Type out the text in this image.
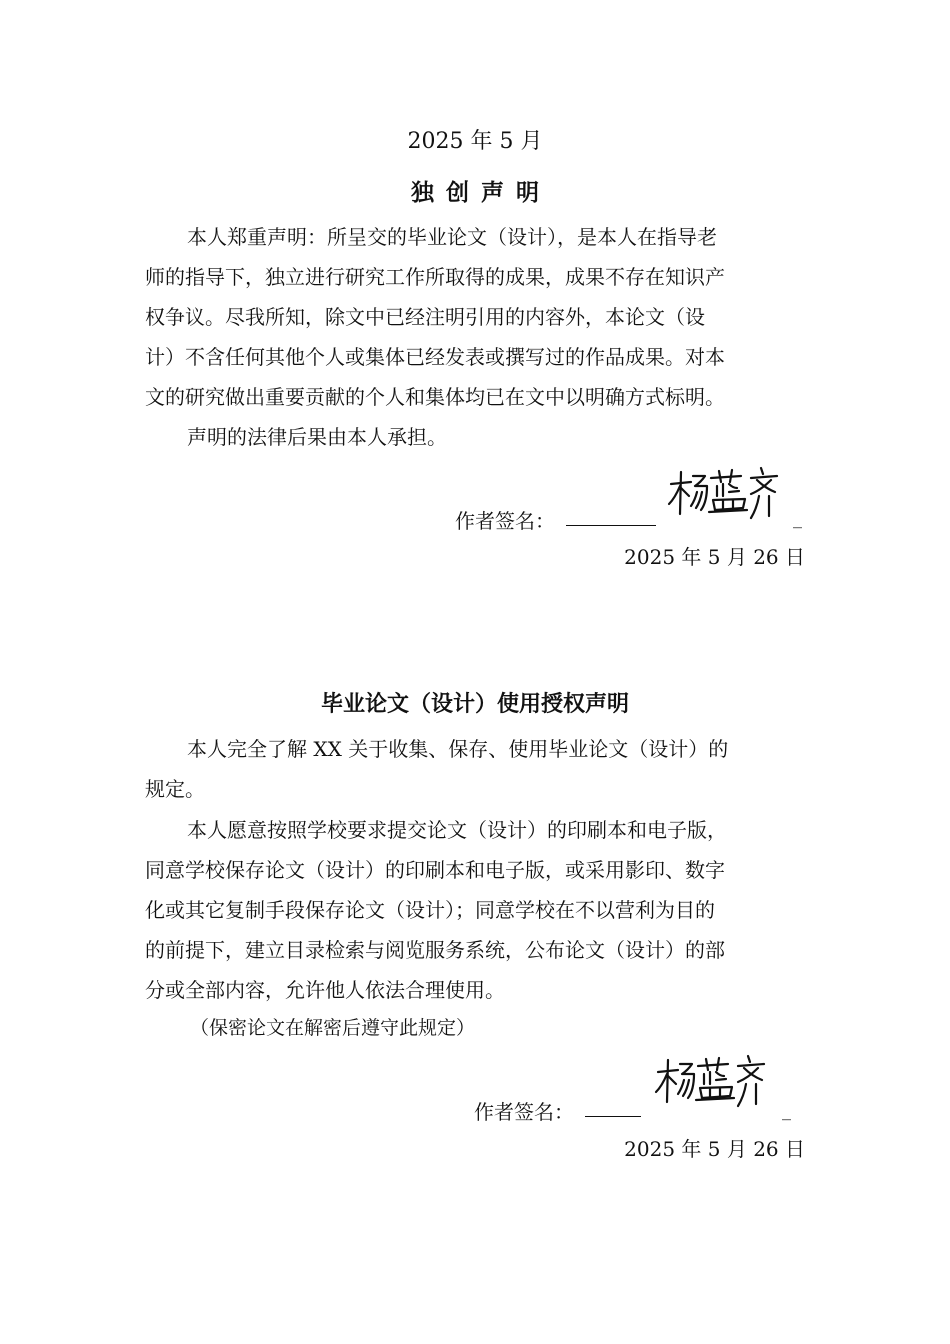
2025 年 5 月
独创声明
本人郑重声明：所呈交的毕业论文（设计），是本人在指导老
师的指导下，独立进行研究工作所取得的成果，成果不存在知识产
权争议。尽我所知，除文中已经注明引用的内容外，本论文（设
计）不含任何其他个人或集体已经发表或撰写过的作品成果。对本
文的研究做出重要贡献的个人和集体均已在文中以明确方式标明。
声明的法律后果由本人承担。
作者签名：	_
2025 年 5 月 26 日
毕业论文（设计）使用授权声明
本人完全了解 XX 关于收集、保存、使用毕业论文（设计）的
规定。
本人愿意按照学校要求提交论文（设计）的印刷本和电子版，
同意学校保存论文（设计）的印刷本和电子版，或采用影印、数字
化或其它复制手段保存论文（设计）；同意学校在不以营利为目的
的前提下，建立目录检索与阅览服务系统，公布论文（设计）的部
分或全部内容，允许他人依法合理使用。
（保密论文在解密后遵守此规定）
作者签名：	_
2025 年 5 月 26 日
